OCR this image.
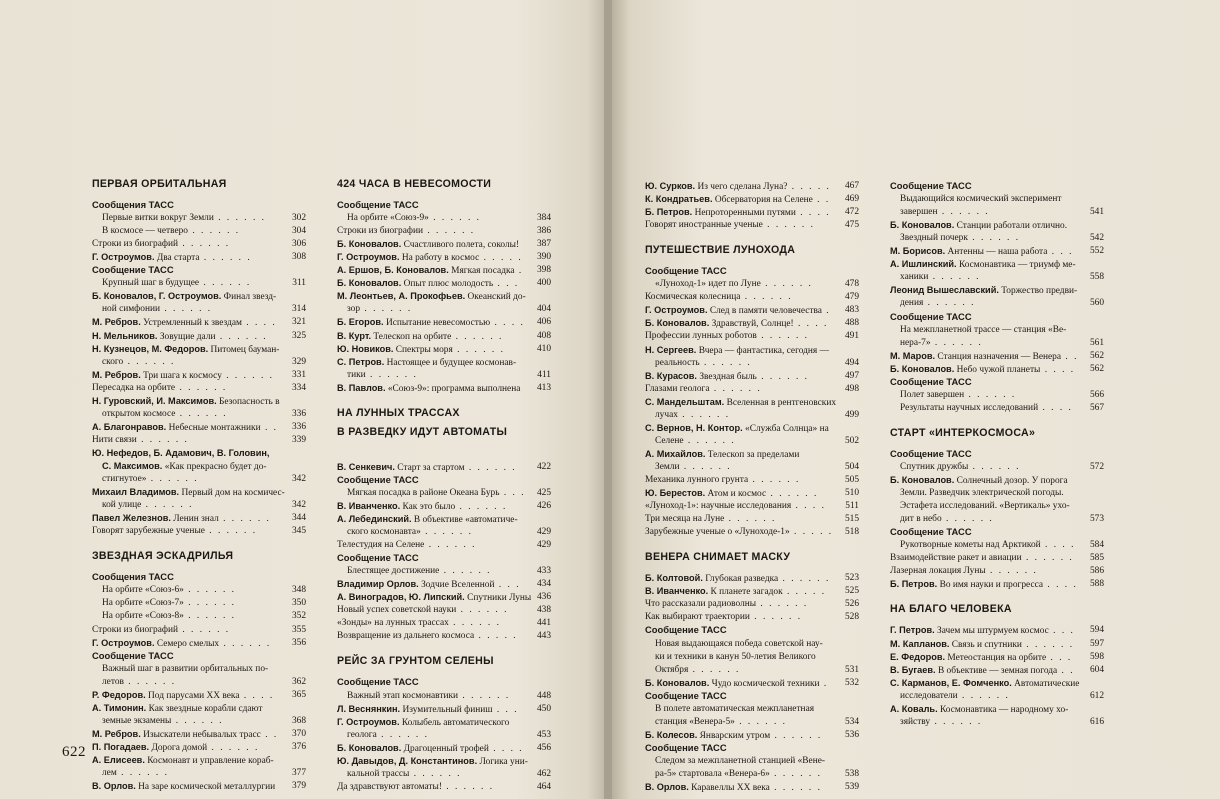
ПЕРВАЯ ОРБИТАЛЬНАЯ
Сообщения ТАСС
Первые витки вокруг Земли . . . . . .	302
В космосе — четверо . . . . . .	304
Строки из биографий . . . . . .	306
Г. Остроумов. Два старта . . . . . .	308
Сообщение ТАСС
Крупный шаг в будущее . . . . . .	311
Б. Коновалов, Г. Остроумов. Финал звезд-
ной симфонии . . . . . .	314
М. Ребров. Устремленный к звездам . . . . 321
Н. Мельников. Зовущие дали . . . . . .	325
Н. Кузнецов, М. Федоров. Питомец бауман-
ского . . . . . .	329
М. Ребров. Три шага к космосу . . . . . . 331
Пересадка на орбите . . . . . .	334
Н. Гуровский, И. Максимов. Безопасность в
открытом космосе . . . . . .	336
А. Благонравов. Небесные монтажники . . 336
Нити связи . . . . . .	339
Ю. Нефедов, Б. Адамович, В. Головин,
С. Максимов. «Как прекрасно будет до-
стигнутое» . . . . . .	342
Михаил Владимов. Первый дом на космичес-
кой улице . . . . . .	342
Павел Железнов. Ленин знал . . . . . . 344
Говорят зарубежные ученые . . . . . .	345
ЗВЕЗДНАЯ ЭСКАДРИЛЬЯ
Сообщения ТАСС
На орбите «Союз-6» . . . . . .	348
На орбите «Союз-7» . . . . . .	350
На орбите «Союз-8» . . . . . .	352
Строки из биографий . . . . . .	355
Г. Остроумов. Семеро смелых . . . . . . 356
Сообщение ТАСС
Важный шаг в развитии орбитальных по-
летов . . . . . .	362
Р. Федоров. Под парусами XX века . . . . 365
А. Тимонин. Как звездные корабли сдают
земные экзамены . . . . . .	368
М. Ребров. Изыскатели небывалых трасс . . 370
П. Погадаев. Дорога домой . . . . . .	376
А. Елисеев. Космонавт и управление кораб-
лем . . . . . .	377
В. Орлов. На заре космической металлургии 379
424 ЧАСА В НЕВЕСОМОСТИ
Сообщение ТАСС
На орбите «Союз-9» . . . . . .	384
Строки из биографии . . . . . .	386
Б. Коновалов. Счастливого полета, соколы! 387
Г. Остроумов. На работу в космос . . . . . 390
А. Ершов, Б. Коновалов. Мягкая посадка . 398
Б. Коновалов. Опыт плюс молодость . . . 400
М. Леонтьев, А. Прокофьев. Океанский до-
зор . . . . . .	404
Б. Егоров. Испытание невесомостью . . . . 406
В. Курт. Телескоп на орбите . . . . . .	408
Ю. Новиков. Спектры моря . . . . . .	410
С. Петров. Настоящее и будущее космонав-
тики . . . . . .	411
В. Павлов. «Союз-9»: программа выполнена 413
НА ЛУННЫХ ТРАССАХ
В РАЗВЕДКУ ИДУТ АВТОМАТЫ
В. Сенкевич. Старт за стартом . . . . . . 422
Сообщение ТАСС
Мягкая посадка в районе Океана Бурь . . . 425
В. Иванченко. Как это было . . . . . .	426
А. Лебединский. В объективе «автоматиче-
ского космонавта» . . . . . .	429
Телестудия на Селене . . . . . .	429
Сообщение ТАСС
Блестящее достижение . . . . . .	433
Владимир Орлов. Зодчие Вселенной . . . 434
А. Виноградов, Ю. Липский. Спутники Луны 436
Новый успех советской науки . . . . . .	438
«Зонды» на лунных трассах . . . . . .	441
Возвращение из дальнего космоса . . . . . 443
РЕЙС ЗА ГРУНТОМ СЕЛЕНЫ
Сообщение ТАСС
Важный этап космонавтики . . . . . .	448
Л. Веснянкин. Изумительный финиш . . . 450
Г. Остроумов. Колыбель автоматического
геолога . . . . . .	453
Б. Коновалов. Драгоценный трофей . . . . 456
Ю. Давыдов, Д. Константинов. Логика уни-
кальной трассы . . . . . .	462
Да здравствуют автоматы! . . . . . .	464
622
Ю. Сурков. Из чего сделана Луна? . . . . . 467
К. Кондратьев. Обсерватория на Селене . . 469
Б. Петров. Непроторенными путями . . . . 472
Говорят иностранные ученые . . . . . .	475
ПУТЕШЕСТВИЕ ЛУНОХОДА
Сообщение ТАСС
«Луноход-1» идет по Луне . . . . . .	478
Космическая колесница . . . . . .	479
Г. Остроумов. След в памяти человечества . 483
Б. Коновалов. Здравствуй, Солнце! . . . . 488
Профессии лунных роботов . . . . . .	491
Н. Сергеев. Вчера — фантастика, сегодня —
реальность . . . . . .	494
В. Курасов. Звездная быль . . . . . .	497
Глазами геолога . . . . . .	498
С. Мандельштам. Вселенная в рентгеновских
лучах . . . . . .	499
С. Вернов, Н. Контор. «Служба Солнца» на
Селене . . . . . .	502
А. Михайлов. Телескоп за пределами
Земли . . . . . .	504
Механика лунного грунта . . . . . .	505
Ю. Берестов. Атом и космос . . . . . .	510
«Луноход-1»: научные исследования . . . . 511
Три месяца на Луне . . . . . .	515
Зарубежные ученые о «Луноходе-1» . . . . . 518
ВЕНЕРА СНИМАЕТ МАСКУ
Б. Колтовой. Глубокая разведка . . . . . . 523
В. Иванченко. К планете загадок . . . . . 525
Что рассказали радиоволны . . . . . .	526
Как выбирают траектории . . . . . .	528
Сообщение ТАСС
Новая выдающаяся победа советской нау-
ки и техники в канун 50-летия Великого
Октября . . . . . .	531
Б. Коновалов. Чудо космической техники . 532
Сообщение ТАСС
В полете автоматическая межпланетная
станция «Венера-5» . . . . . .	534
Б. Колесов. Январским утром . . . . . . 536
Сообщение ТАСС
Следом за межпланетной станцией «Вене-
ра-5» стартовала «Венера-6» . . . . . . 538
В. Орлов. Каравеллы XX века . . . . . . 539
Сообщение ТАСС
Выдающийся космический эксперимент
завершен . . . . . .	541
Б. Коновалов. Станции работали отлично.
Звездный почерк . . . . . .	542
М. Борисов. Антенны — наша работа . . . 552
А. Ишлинский. Космонавтика — триумф ме-
ханики . . . . . .	558
Леонид Вышеславский. Торжество предви-
дения . . . . . .	560
Сообщение ТАСС
На межпланетной трассе — станция «Ве-
нера-7» . . . . . .	561
М. Маров. Станция назначения — Венера . . 562
Б. Коновалов. Небо чужой планеты . . . . 562
Сообщение ТАСС
Полет завершен . . . . . .	566
Результаты научных исследований . . . . 567
СТАРТ «ИНТЕРКОСМОСА»
Сообщение ТАСС
Спутник дружбы . . . . . .	572
Б. Коновалов. Солнечный дозор. У порога
Земли. Разведчик электрической погоды.
Эстафета исследований. «Вертикаль» ухо-
дит в небо . . . . . .	573
Сообщение ТАСС
Рукотворные кометы над Арктикой . . . . 584
Взаимодействие ракет и авиации . . . . . . 585
Лазерная локация Луны . . . . . .	586
Б. Петров. Во имя науки и прогресса . . . . 588
НА БЛАГО ЧЕЛОВЕКА
Г. Петров. Зачем мы штурмуем космос . . . 594
М. Капланов. Связь и спутники . . . . . . 597
Е. Федоров. Метеостанция на орбите . . . 598
В. Бугаев. В объективе — земная погода . . 604
С. Карманов, Е. Фомченко. Автоматические
исследователи . . . . . .	612
А. Коваль. Космонавтика — народному хо-
зяйству . . . . . .	616
